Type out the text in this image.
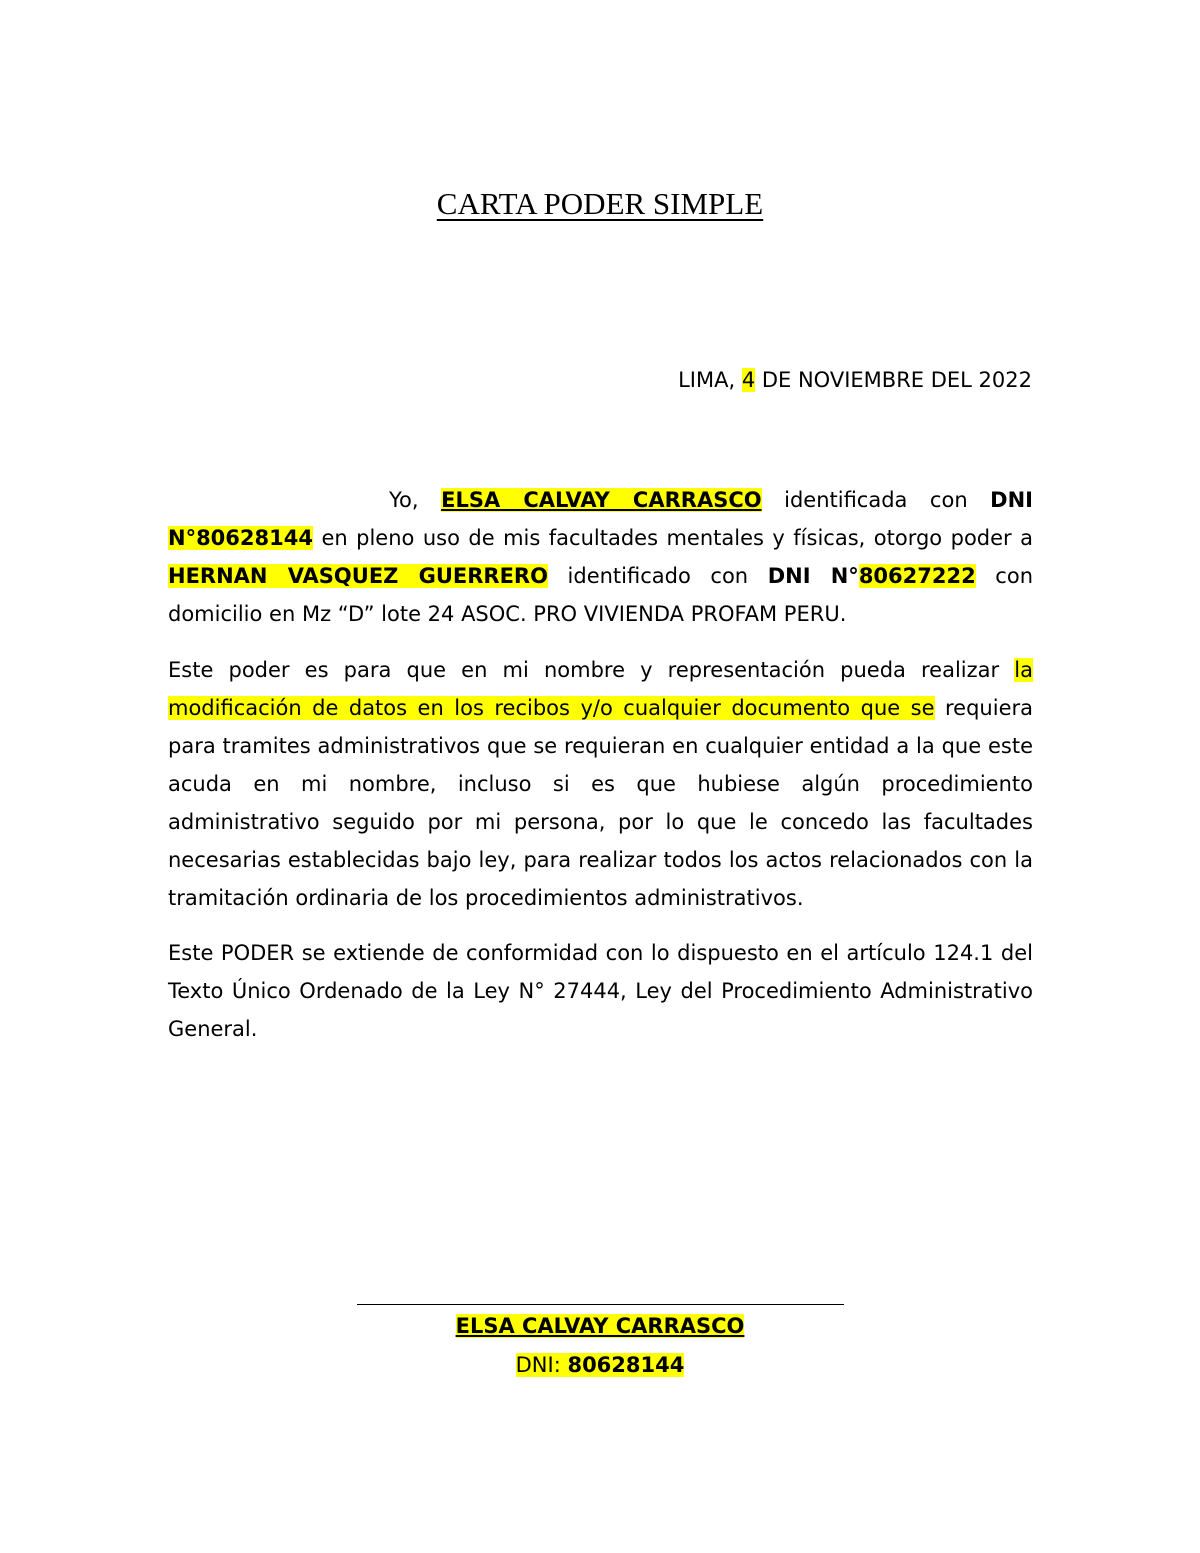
CARTA PODER SIMPLE
LIMA, 4 DE NOVIEMBRE DEL 2022

Yo, ELSA CALVAY CARRASCO identificada con DNI N°80628144 en pleno uso de mis facultades mentales y físicas, otorgo poder a HERNAN VASQUEZ GUERRERO identificado con DNI N°80627222 con domicilio en Mz “D” lote 24 ASOC. PRO VIVIENDA PROFAM PERU.

Este poder es para que en mi nombre y representación pueda realizar la modificación de datos en los recibos y/o cualquier documento que se requiera para tramites administrativos que se requieran en cualquier entidad a la que este acuda en mi nombre, incluso si es que hubiese algún procedimiento administrativo seguido por mi persona, por lo que le concedo las facultades necesarias establecidas bajo ley, para realizar todos los actos relacionados con la tramitación ordinaria de los procedimientos administrativos.

Este PODER se extiende de conformidad con lo dispuesto en el artículo 124.1 del Texto Único Ordenado de la Ley N° 27444, Ley del Procedimiento Administrativo General.

ELSA CALVAY CARRASCO
DNI: 80628144
